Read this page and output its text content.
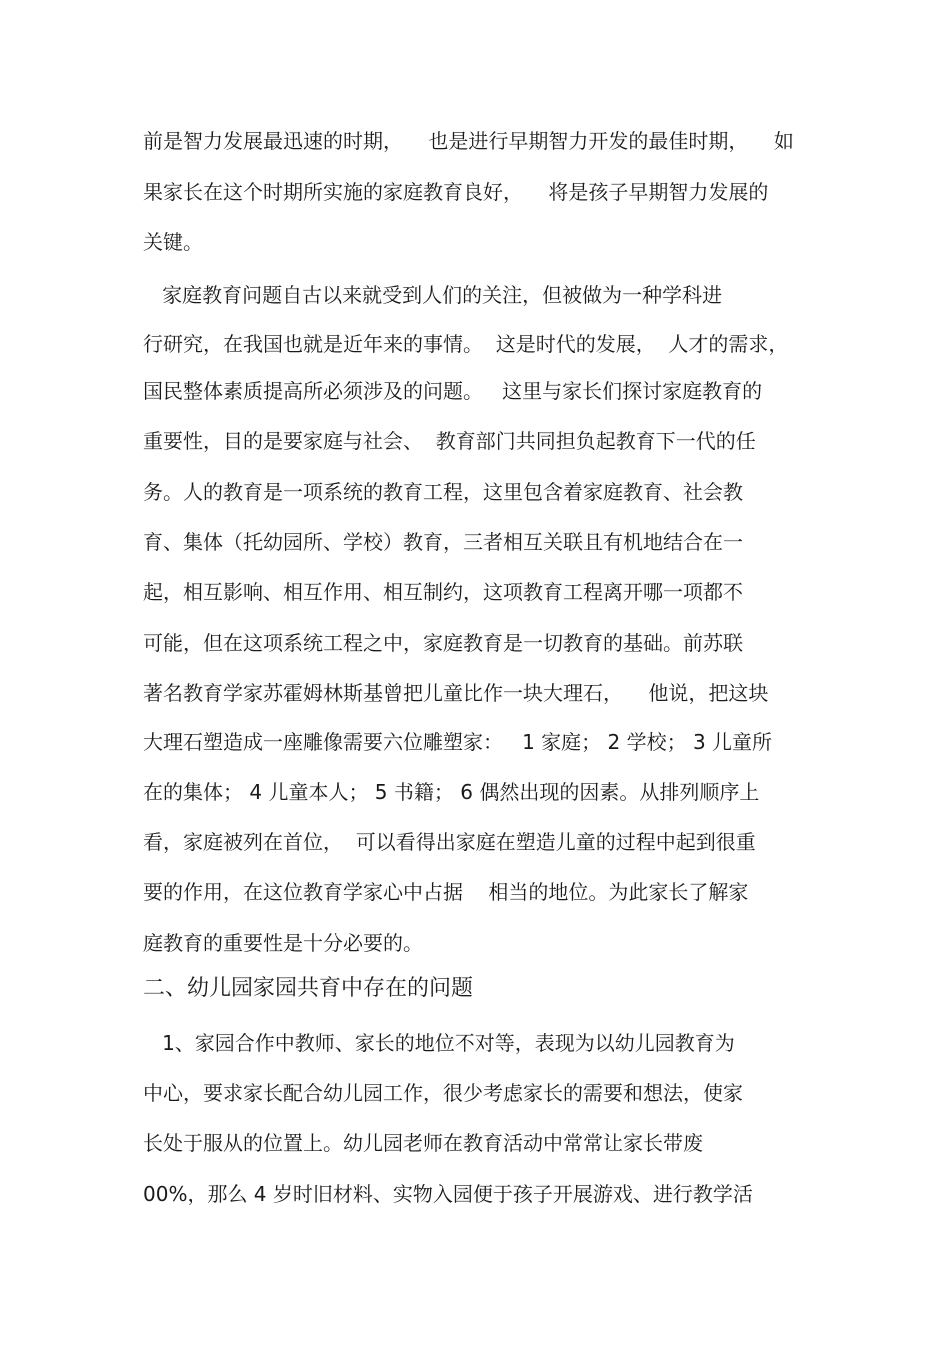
前是智力发展最迅速的时期，    也是进行早期智力开发的最佳时期，    如
果家长在这个时期所实施的家庭教育良好，    将是孩子早期智力发展的
关键。
家庭教育问题自古以来就受到人们的关注，但被做为一种学科进
行研究，在我国也就是近年来的事情。  这是时代的发展，  人才的需求，
国民整体素质提高所必须涉及的问题。   这里与家长们探讨家庭教育的
重要性，目的是要家庭与社会、  教育部门共同担负起教育下一代的任
务。人的教育是一项系统的教育工程，这里包含着家庭教育、社会教
育、集体（托幼园所、学校）教育，三者相互关联且有机地结合在一
起，相互影响、相互作用、相互制约，这项教育工程离开哪一项都不
可能，但在这项系统工程之中，家庭教育是一切教育的基础。前苏联
著名教育学家苏霍姆林斯基曾把儿童比作一块大理石，    他说，把这块
大理石塑造成一座雕像需要六位雕塑家：   1 家庭； 2 学校； 3 儿童所
在的集体； 4 儿童本人； 5 书籍； 6 偶然出现的因素。从排列顺序上
看，家庭被列在首位，  可以看得出家庭在塑造儿童的过程中起到很重
要的作用，在这位教育学家心中占据    相当的地位。为此家长了解家
庭教育的重要性是十分必要的。
二、幼儿园家园共育中存在的问题
1、家园合作中教师、家长的地位不对等，表现为以幼儿园教育为
中心，要求家长配合幼儿园工作，很少考虑家长的需要和想法，使家
长处于服从的位置上。幼儿园老师在教育活动中常常让家长带废
00%，那么 4 岁时旧材料、实物入园便于孩子开展游戏、进行教学活
